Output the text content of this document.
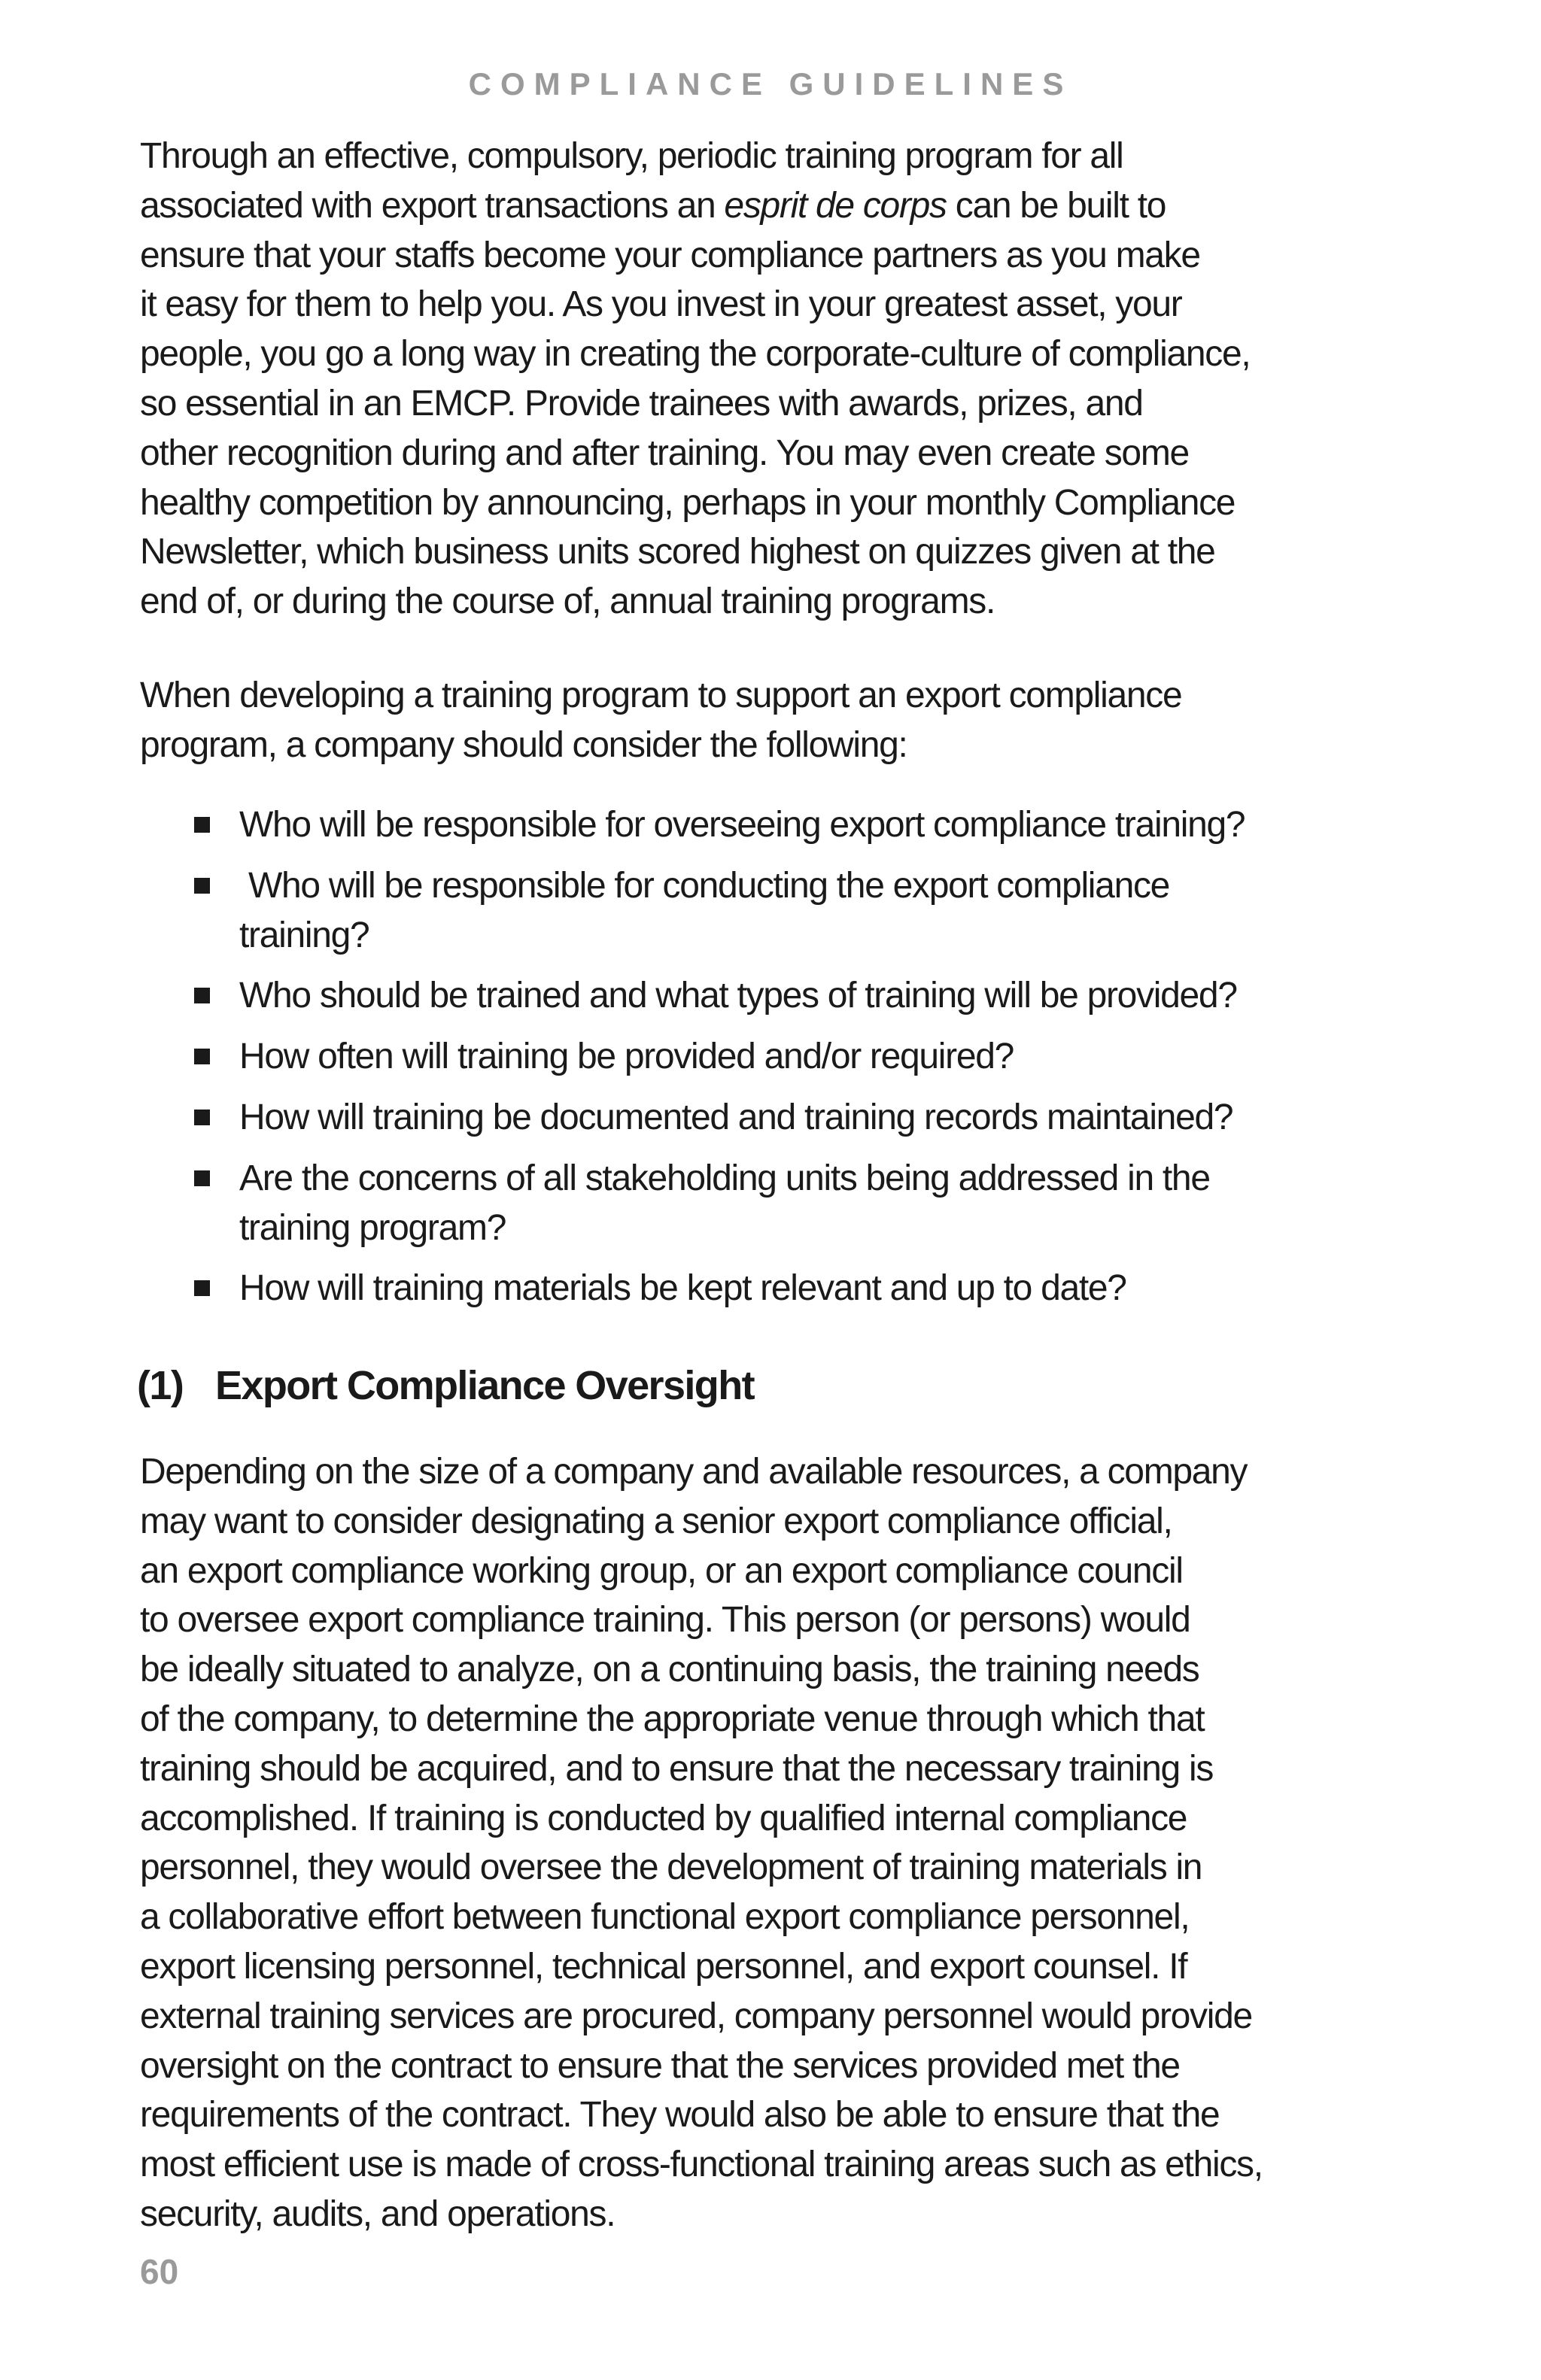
COMPLIANCE GUIDELINES
Through an effective, compulsory, periodic training program for all
associated with export transactions an esprit de corps can be built to
ensure that your staffs become your compliance partners as you make
it easy for them to help you. As you invest in your greatest asset, your
people, you go a long way in creating the corporate-culture of compliance,
so essential in an EMCP. Provide trainees with awards, prizes, and
other recognition during and after training. You may even create some
healthy competition by announcing, perhaps in your monthly Compliance
Newsletter, which business units scored highest on quizzes given at the
end of, or during the course of, annual training programs.
When developing a training program to support an export compliance
program, a company should consider the following:
Who will be responsible for overseeing export compliance training?
Who will be responsible for conducting the export compliance
training?
Who should be trained and what types of training will be provided?
How often will training be provided and/or required?
How will training be documented and training records maintained?
Are the concerns of all stakeholding units being addressed in the
training program?
How will training materials be kept relevant and up to date?
(1) Export Compliance Oversight
Depending on the size of a company and available resources, a company
may want to consider designating a senior export compliance official,
an export compliance working group, or an export compliance council
to oversee export compliance training. This person (or persons) would
be ideally situated to analyze, on a continuing basis, the training needs
of the company, to determine the appropriate venue through which that
training should be acquired, and to ensure that the necessary training is
accomplished. If training is conducted by qualified internal compliance
personnel, they would oversee the development of training materials in
a collaborative effort between functional export compliance personnel,
export licensing personnel, technical personnel, and export counsel. If
external training services are procured, company personnel would provide
oversight on the contract to ensure that the services provided met the
requirements of the contract. They would also be able to ensure that the
most efficient use is made of cross-functional training areas such as ethics,
security, audits, and operations.
60
